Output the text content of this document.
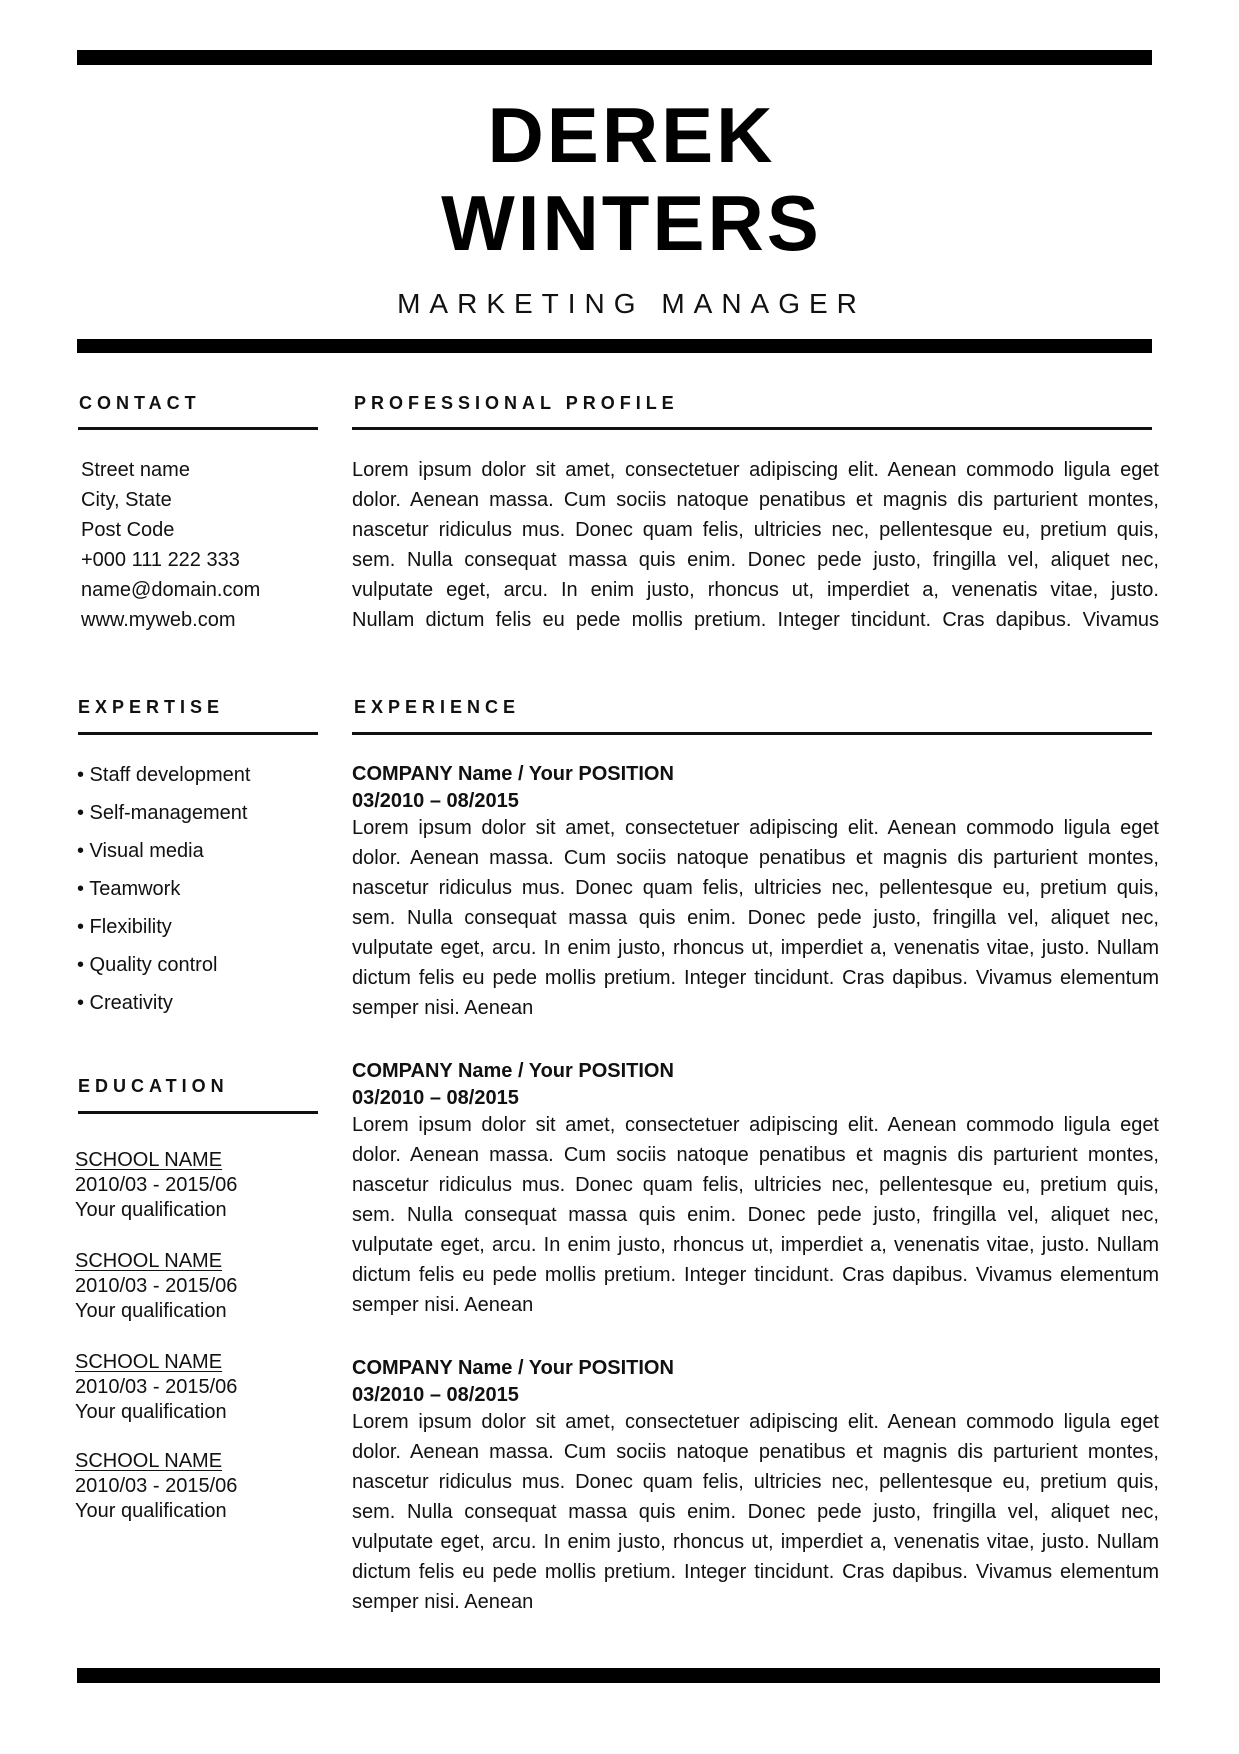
DEREK
WINTERS
MARKETING MANAGER
CONTACT
Street name
City, State
Post Code
+000 111 222 333
name@domain.com
www.myweb.com
PROFESSIONAL PROFILE
Lorem ipsum dolor sit amet, consectetuer adipiscing elit. Aenean commodo ligula eget
dolor. Aenean massa. Cum sociis natoque penatibus et magnis dis parturient montes,
nascetur ridiculus mus. Donec quam felis, ultricies nec, pellentesque eu, pretium quis,
sem. Nulla consequat massa quis enim. Donec pede justo, fringilla vel, aliquet nec,
vulputate eget, arcu. In enim justo, rhoncus ut, imperdiet a, venenatis vitae, justo.
Nullam dictum felis eu pede mollis pretium. Integer tincidunt. Cras dapibus. Vivamus
EXPERTISE
• Staff development
• Self-management
• Visual media
• Teamwork
• Flexibility
• Quality control
• Creativity
EDUCATION
SCHOOL NAME
2010/03 - 2015/06
Your qualification
SCHOOL NAME
2010/03 - 2015/06
Your qualification
SCHOOL NAME
2010/03 - 2015/06
Your qualification
SCHOOL NAME
2010/03 - 2015/06
Your qualification
EXPERIENCE
COMPANY Name / Your POSITION
03/2010 – 08/2015
Lorem ipsum dolor sit amet, consectetuer adipiscing elit. Aenean commodo ligula eget dolor. Aenean massa. Cum sociis natoque penatibus et magnis dis parturient montes, nascetur ridiculus mus. Donec quam felis, ultricies nec, pellentesque eu, pretium quis, sem. Nulla consequat massa quis enim. Donec pede justo, fringilla vel, aliquet nec, vulputate eget, arcu. In enim justo, rhoncus ut, imperdiet a, venenatis vitae, justo. Nullam dictum felis eu pede mollis pretium. Integer tincidunt. Cras dapibus. Vivamus elementum semper nisi. Aenean
COMPANY Name / Your POSITION
03/2010 – 08/2015
Lorem ipsum dolor sit amet, consectetuer adipiscing elit. Aenean commodo ligula eget dolor. Aenean massa. Cum sociis natoque penatibus et magnis dis parturient montes, nascetur ridiculus mus. Donec quam felis, ultricies nec, pellentesque eu, pretium quis, sem. Nulla consequat massa quis enim. Donec pede justo, fringilla vel, aliquet nec, vulputate eget, arcu. In enim justo, rhoncus ut, imperdiet a, venenatis vitae, justo. Nullam dictum felis eu pede mollis pretium. Integer tincidunt. Cras dapibus. Vivamus elementum semper nisi. Aenean
COMPANY Name / Your POSITION
03/2010 – 08/2015
Lorem ipsum dolor sit amet, consectetuer adipiscing elit. Aenean commodo ligula eget dolor. Aenean massa. Cum sociis natoque penatibus et magnis dis parturient montes, nascetur ridiculus mus. Donec quam felis, ultricies nec, pellentesque eu, pretium quis, sem. Nulla consequat massa quis enim. Donec pede justo, fringilla vel, aliquet nec, vulputate eget, arcu. In enim justo, rhoncus ut, imperdiet a, venenatis vitae, justo. Nullam dictum felis eu pede mollis pretium. Integer tincidunt. Cras dapibus. Vivamus elementum semper nisi. Aenean
